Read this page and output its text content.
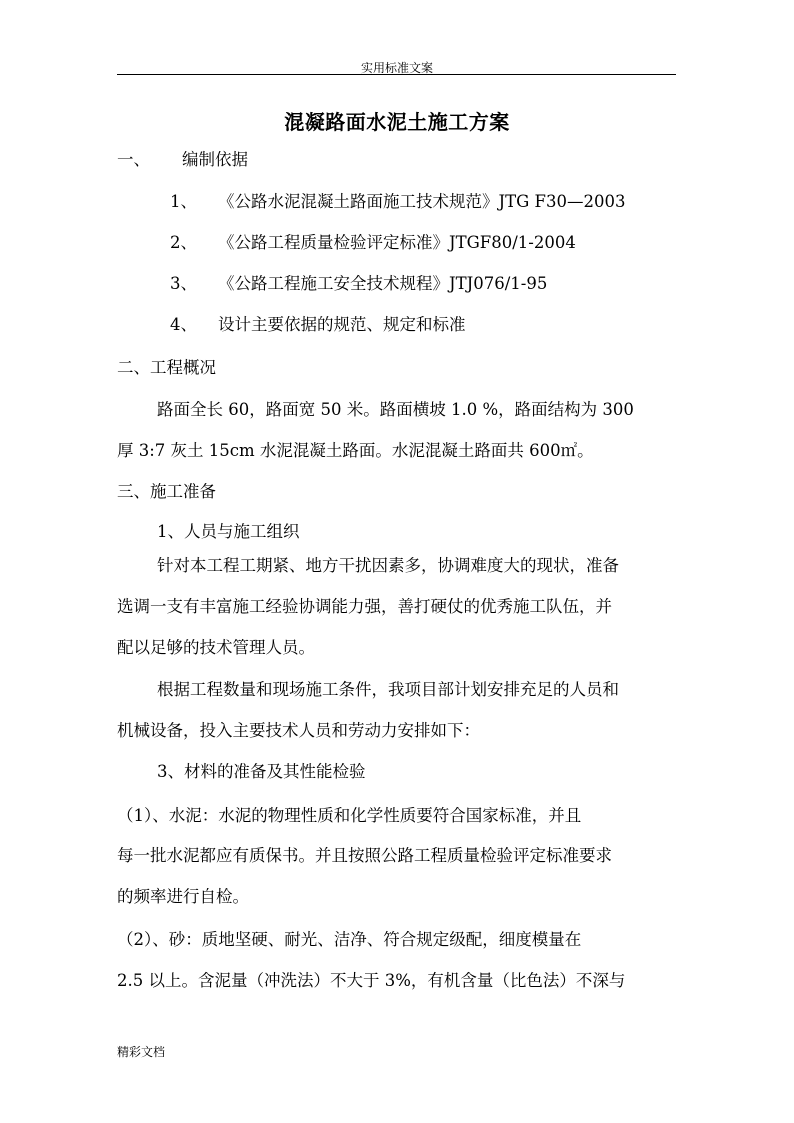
实用标准文案
混凝路面水泥土施工方案
一、 编制依据
1、 《公路水泥混凝土路面施工技术规范》JTG F30—2003
2、 《公路工程质量检验评定标准》JTGF80/1-2004
3、 《公路工程施工安全技术规程》JTJ076/1-95
4、 设计主要依据的规范、规定和标准
二、工程概况
路面全长 60，路面宽 50 米。路面横坡 1.0 %，路面结构为 300
厚 3:7 灰土 15cm 水泥混凝土路面。水泥混凝土路面共 600㎡。
三、施工准备
1、人员与施工组织
针对本工程工期紧、地方干扰因素多，协调难度大的现状，准备
选调一支有丰富施工经验协调能力强，善打硬仗的优秀施工队伍，并
配以足够的技术管理人员。
根据工程数量和现场施工条件，我项目部计划安排充足的人员和
机械设备，投入主要技术人员和劳动力安排如下：
3、材料的准备及其性能检验
（1）、水泥：水泥的物理性质和化学性质要符合国家标准，并且
每一批水泥都应有质保书。并且按照公路工程质量检验评定标准要求
的频率进行自检。
（2）、砂：质地坚硬、耐光、洁净、符合规定级配，细度模量在
2.5 以上。含泥量（冲洗法）不大于 3%，有机含量（比色法）不深与
精彩文档
